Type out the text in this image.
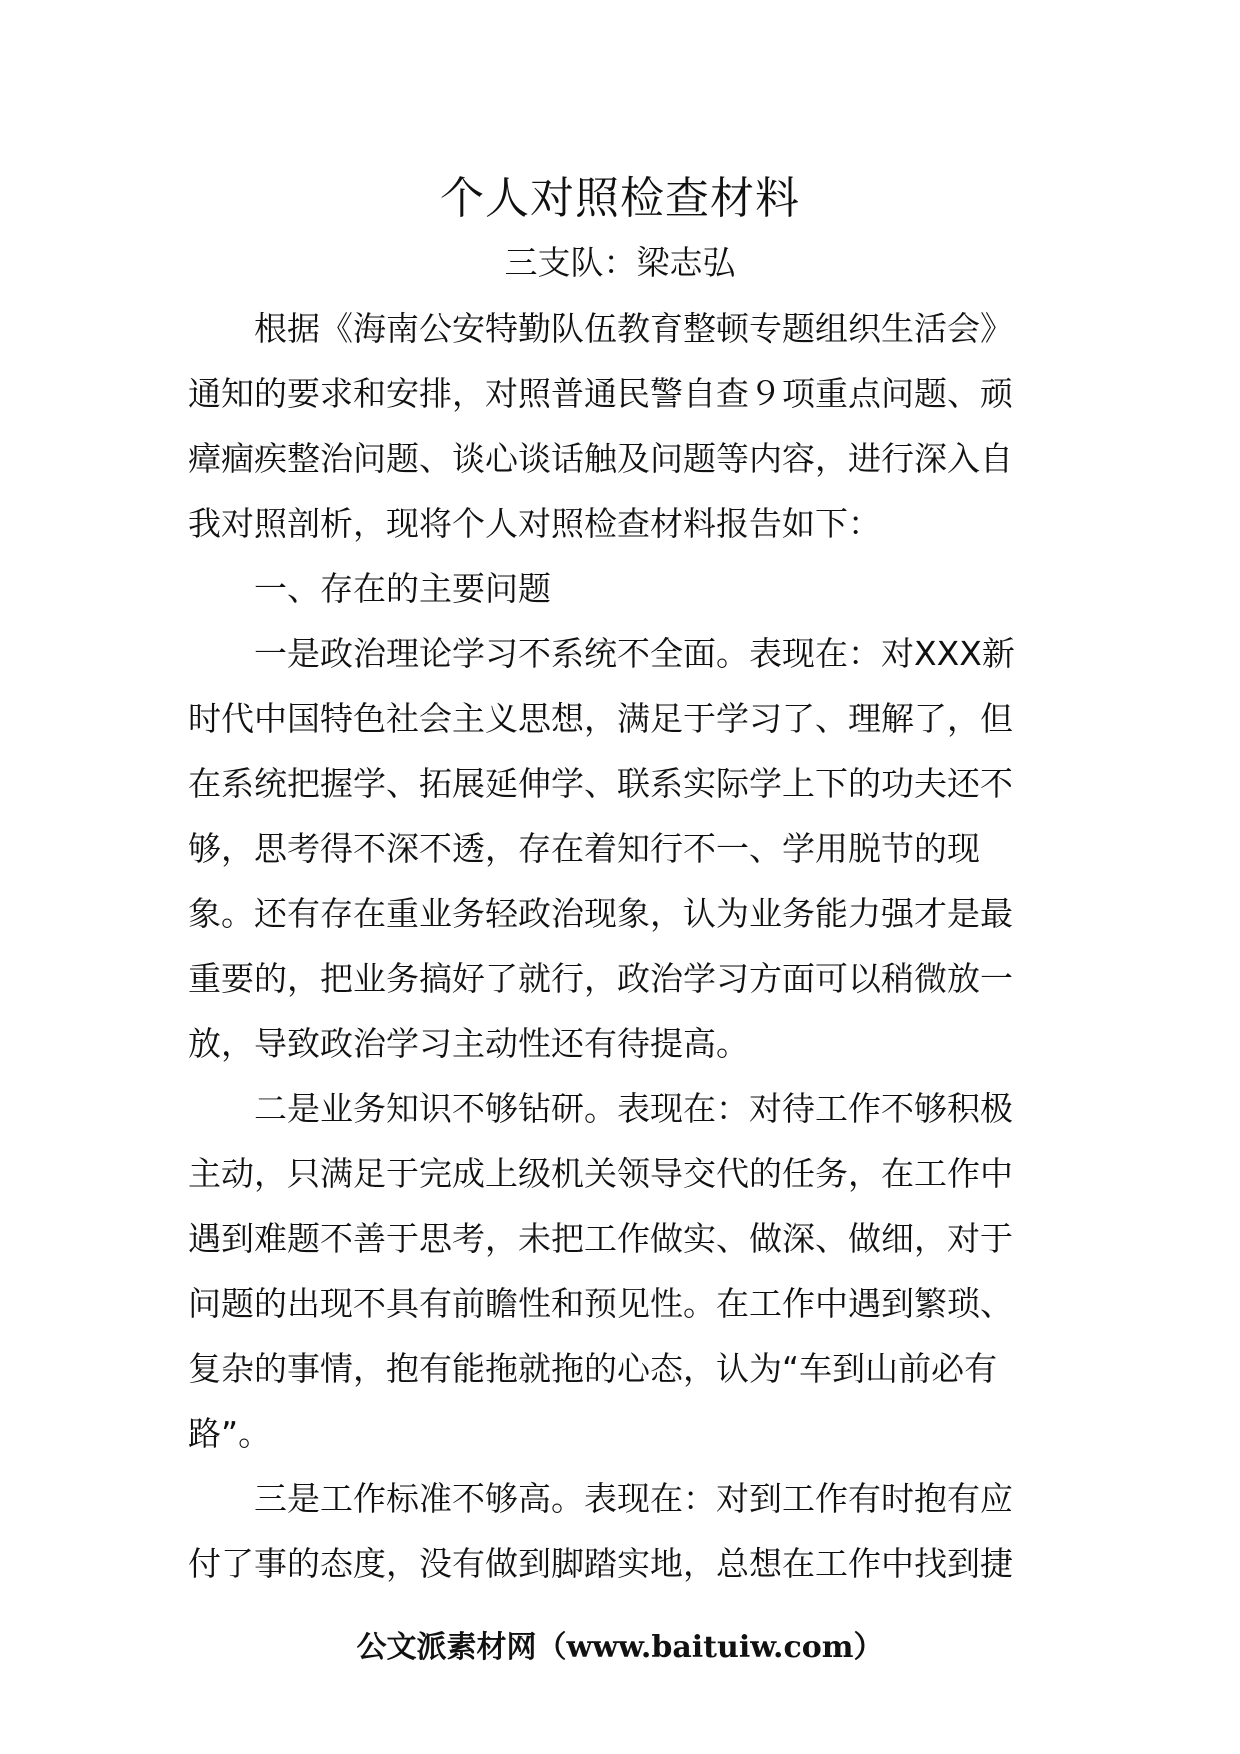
个人对照检查材料
三支队：梁志弘

根据《海南公安特勤队伍教育整顿专题组织生活会》通知的要求和安排，对照普通民警自查９项重点问题、顽瘴痼疾整治问题、谈心谈话触及问题等内容，进行深入自我对照剖析，现将个人对照检查材料报告如下：

一、存在的主要问题

一是政治理论学习不系统不全面。表现在：对XXX新时代中国特色社会主义思想，满足于学习了、理解了，但在系统把握学、拓展延伸学、联系实际学上下的功夫还不够，思考得不深不透，存在着知行不一、学用脱节的现象。还有存在重业务轻政治现象，认为业务能力强才是最重要的，把业务搞好了就行，政治学习方面可以稍微放一放，导致政治学习主动性还有待提高。

二是业务知识不够钻研。表现在：对待工作不够积极主动，只满足于完成上级机关领导交代的任务，在工作中遇到难题不善于思考，未把工作做实、做深、做细，对于问题的出现不具有前瞻性和预见性。在工作中遇到繁琐、复杂的事情，抱有能拖就拖的心态，认为“车到山前必有路”。

三是工作标准不够高。表现在：对到工作有时抱有应付了事的态度，没有做到脚踏实地，总想在工作中找到捷

公文派素材网（www.baituiw.com）
